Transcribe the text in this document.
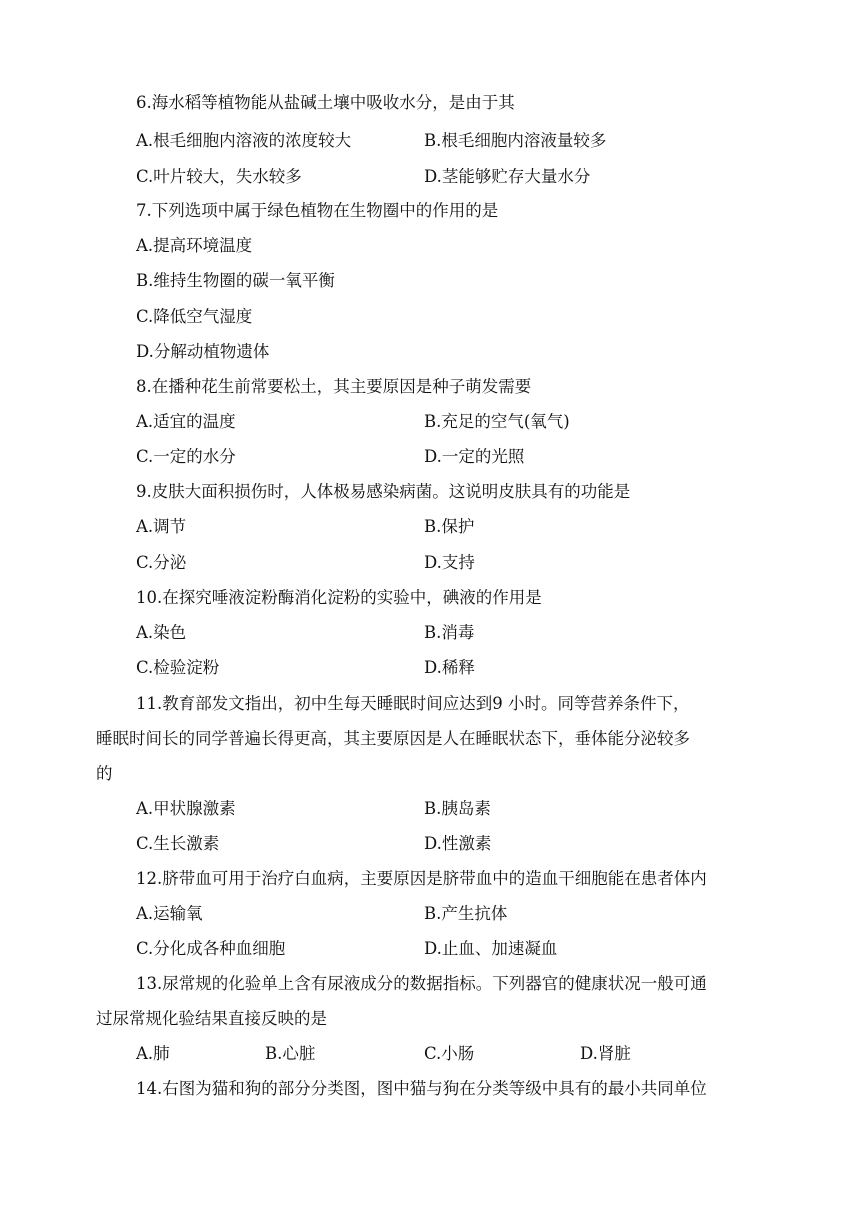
6.海水稻等植物能从盐碱土壤中吸收水分，是由于其
A.根毛细胞内溶液的浓度较大	B.根毛细胞内溶液量较多
C.叶片较大，失水较多	D.茎能够贮存大量水分
7.下列选项中属于绿色植物在生物圈中的作用的是
A.提高环境温度
B.维持生物圈的碳一氧平衡
C.降低空气湿度
D.分解动植物遗体
8.在播种花生前常要松土，其主要原因是种子萌发需要
A.适宜的温度	B.充足的空气(氧气)
C.一定的水分	D.一定的光照
9.皮肤大面积损伤时，人体极易感染病菌。这说明皮肤具有的功能是
A.调节	B.保护
C.分泌	D.支持
10.在探究唾液淀粉酶消化淀粉的实验中，碘液的作用是
A.染色	B.消毒
C.检验淀粉	D.稀释
11.教育部发文指出，初中生每天睡眠时间应达到9 小时。同等营养条件下，
睡眠时间长的同学普遍长得更高，其主要原因是人在睡眠状态下，垂体能分泌较多
的
A.甲状腺激素	B.胰岛素
C.生长激素	D.性激素
12.脐带血可用于治疗白血病，主要原因是脐带血中的造血干细胞能在患者体内
A.运输氧	B.产生抗体
C.分化成各种血细胞	D.止血、加速凝血
13.尿常规的化验单上含有尿液成分的数据指标。下列器官的健康状况一般可通
过尿常规化验结果直接反映的是
A.肺	B.心脏	C.小肠	D.肾脏
14.右图为猫和狗的部分分类图，图中猫与狗在分类等级中具有的最小共同单位
